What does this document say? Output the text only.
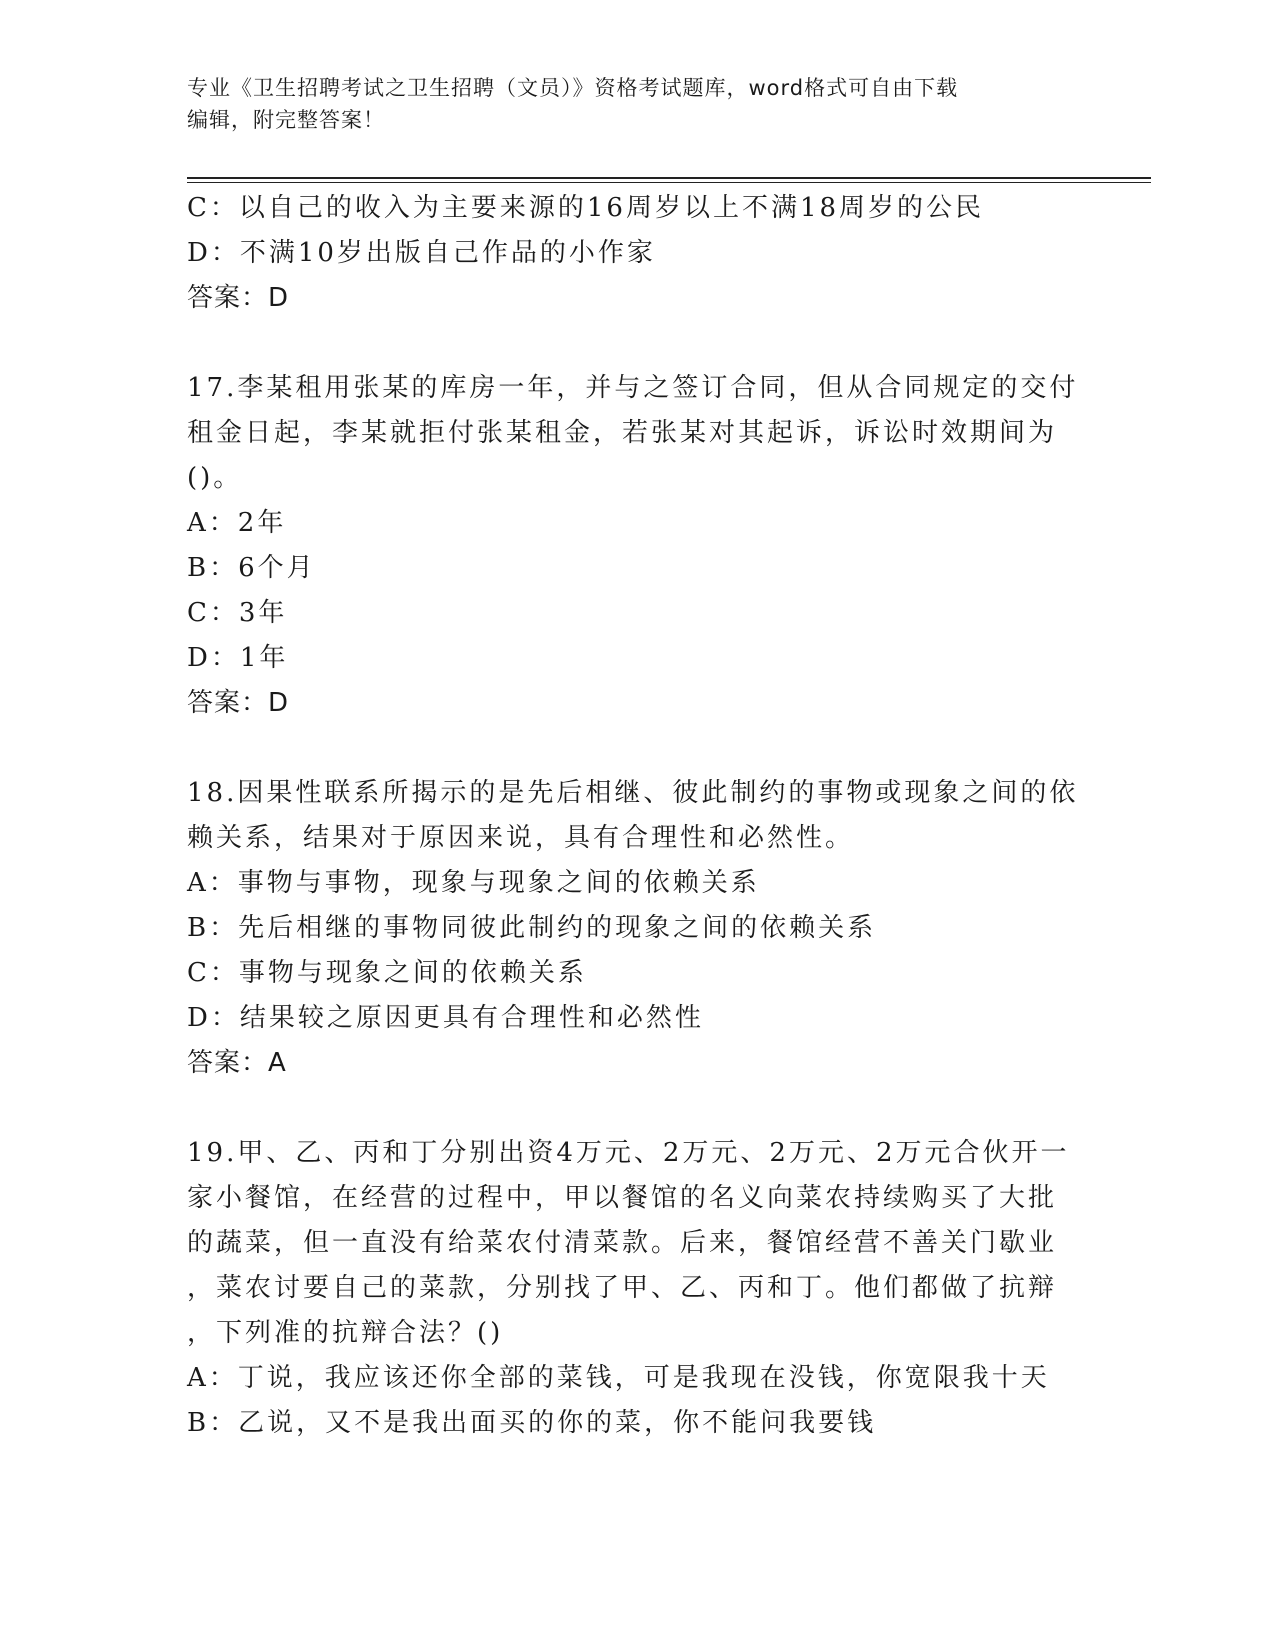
专业《卫生招聘考试之卫生招聘（文员）》资格考试题库，word格式可自由下载
编辑，附完整答案！
C：以自己的收入为主要来源的16周岁以上不满18周岁的公民
D：不满10岁出版自己作品的小作家
答案：D
17.李某租用张某的库房一年，并与之签订合同，但从合同规定的交付
租金日起，李某就拒付张某租金，若张某对其起诉，诉讼时效期间为
()。
A：2年
B：6个月
C：3年
D：1年
答案：D
18.因果性联系所揭示的是先后相继、彼此制约的事物或现象之间的依
赖关系，结果对于原因来说，具有合理性和必然性。
A：事物与事物，现象与现象之间的依赖关系
B：先后相继的事物同彼此制约的现象之间的依赖关系
C：事物与现象之间的依赖关系
D：结果较之原因更具有合理性和必然性
答案：A
19.甲、乙、丙和丁分别出资4万元、2万元、2万元、2万元合伙开一
家小餐馆，在经营的过程中，甲以餐馆的名义向菜农持续购买了大批
的蔬菜，但一直没有给菜农付清菜款。后来，餐馆经营不善关门歇业
，菜农讨要自己的菜款，分别找了甲、乙、丙和丁。他们都做了抗辩
，下列准的抗辩合法？()
A：丁说，我应该还你全部的菜钱，可是我现在没钱，你宽限我十天
B：乙说，又不是我出面买的你的菜，你不能问我要钱
